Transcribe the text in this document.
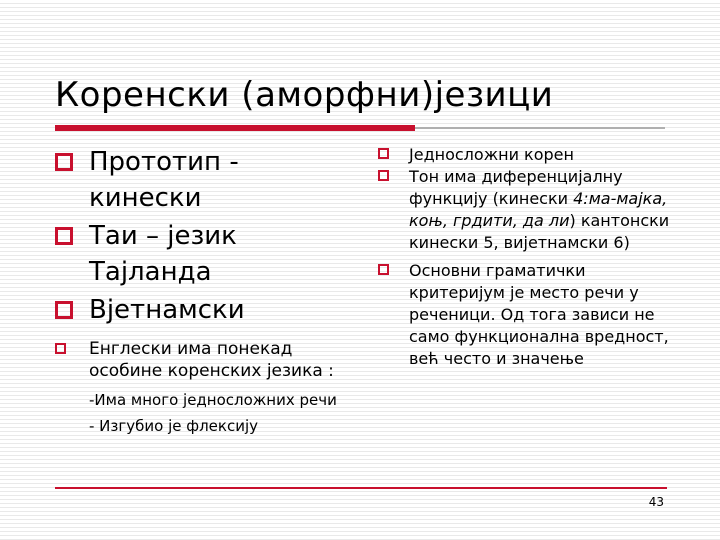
Коренски (аморфни)језици
Прототип - кинески
Таи – језик Тајланда
Вјетнамски
Енглески има понекад особине коренских језика :
-Има много једносложних речи
- Изгубио је флексију
Једносложни корен
Тон има диференцијалну функцију (кинески 4:ма-мајка, коњ, грдити, да ли) кантонски кинески 5, вијетнамски 6)
Основни граматички критеријум је место речи у реченици. Од тога зависи не само функционална вредност, већ често и значење
43
